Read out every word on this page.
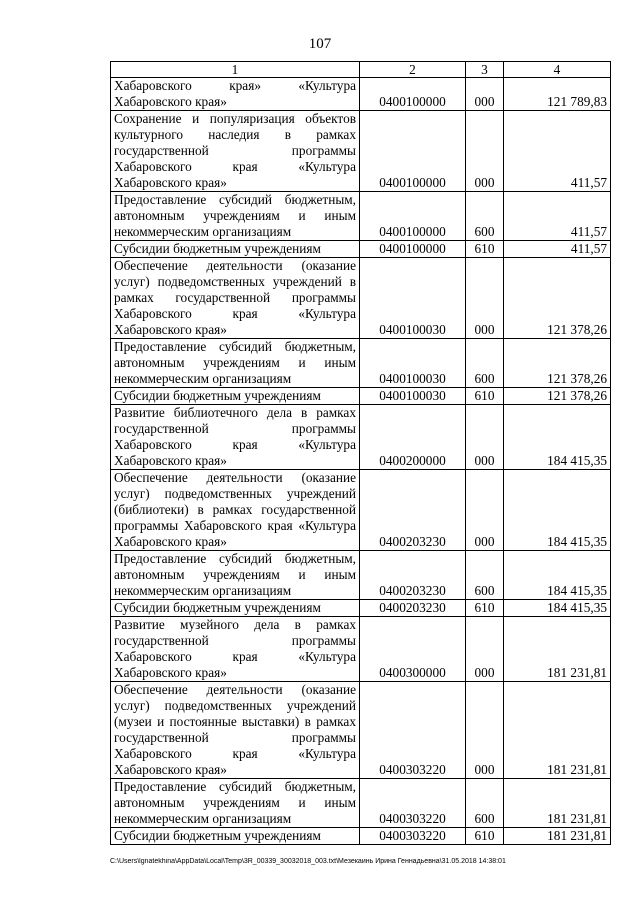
107
1	2	3	4
Хабаровского края» «Культура Хабаровского края»	0400100000	000	121 789,83
Сохранение и популяризация объектов культурного наследия в рамках государственной программы Хабаровского края «Культура Хабаровского края»	0400100000	000	411,57
Предоставление субсидий бюджетным, автономным учреждениям и иным некоммерческим организациям	0400100000	600	411,57
Субсидии бюджетным учреждениям	0400100000	610	411,57
Обеспечение деятельности (оказание услуг) подведомственных учреждений в рамках государственной программы Хабаровского края «Культура Хабаровского края»	0400100030	000	121 378,26
Предоставление субсидий бюджетным, автономным учреждениям и иным некоммерческим организациям	0400100030	600	121 378,26
Субсидии бюджетным учреждениям	0400100030	610	121 378,26
Развитие библиотечного дела в рамках государственной программы Хабаровского края «Культура Хабаровского края»	0400200000	000	184 415,35
Обеспечение деятельности (оказание услуг) подведомственных учреждений (библиотеки) в рамках государственной программы Хабаровского края «Культура Хабаровского края»	0400203230	000	184 415,35
Предоставление субсидий бюджетным, автономным учреждениям и иным некоммерческим организациям	0400203230	600	184 415,35
Субсидии бюджетным учреждениям	0400203230	610	184 415,35
Развитие музейного дела в рамках государственной программы Хабаровского края «Культура Хабаровского края»	0400300000	000	181 231,81
Обеспечение деятельности (оказание услуг) подведомственных учреждений (музеи и постоянные выставки) в рамках государственной программы Хабаровского края «Культура Хабаровского края»	0400303220	000	181 231,81
Предоставление субсидий бюджетным, автономным учреждениям и иным некоммерческим организациям	0400303220	600	181 231,81
Субсидии бюджетным учреждениям	0400303220	610	181 231,81
C:\Users\lgnatekhina\AppData\Local\Temp\3R_00339_30032018_003.txt\Мезекаинь Ирина Геннадьевна\31.05.2018 14:38:01
